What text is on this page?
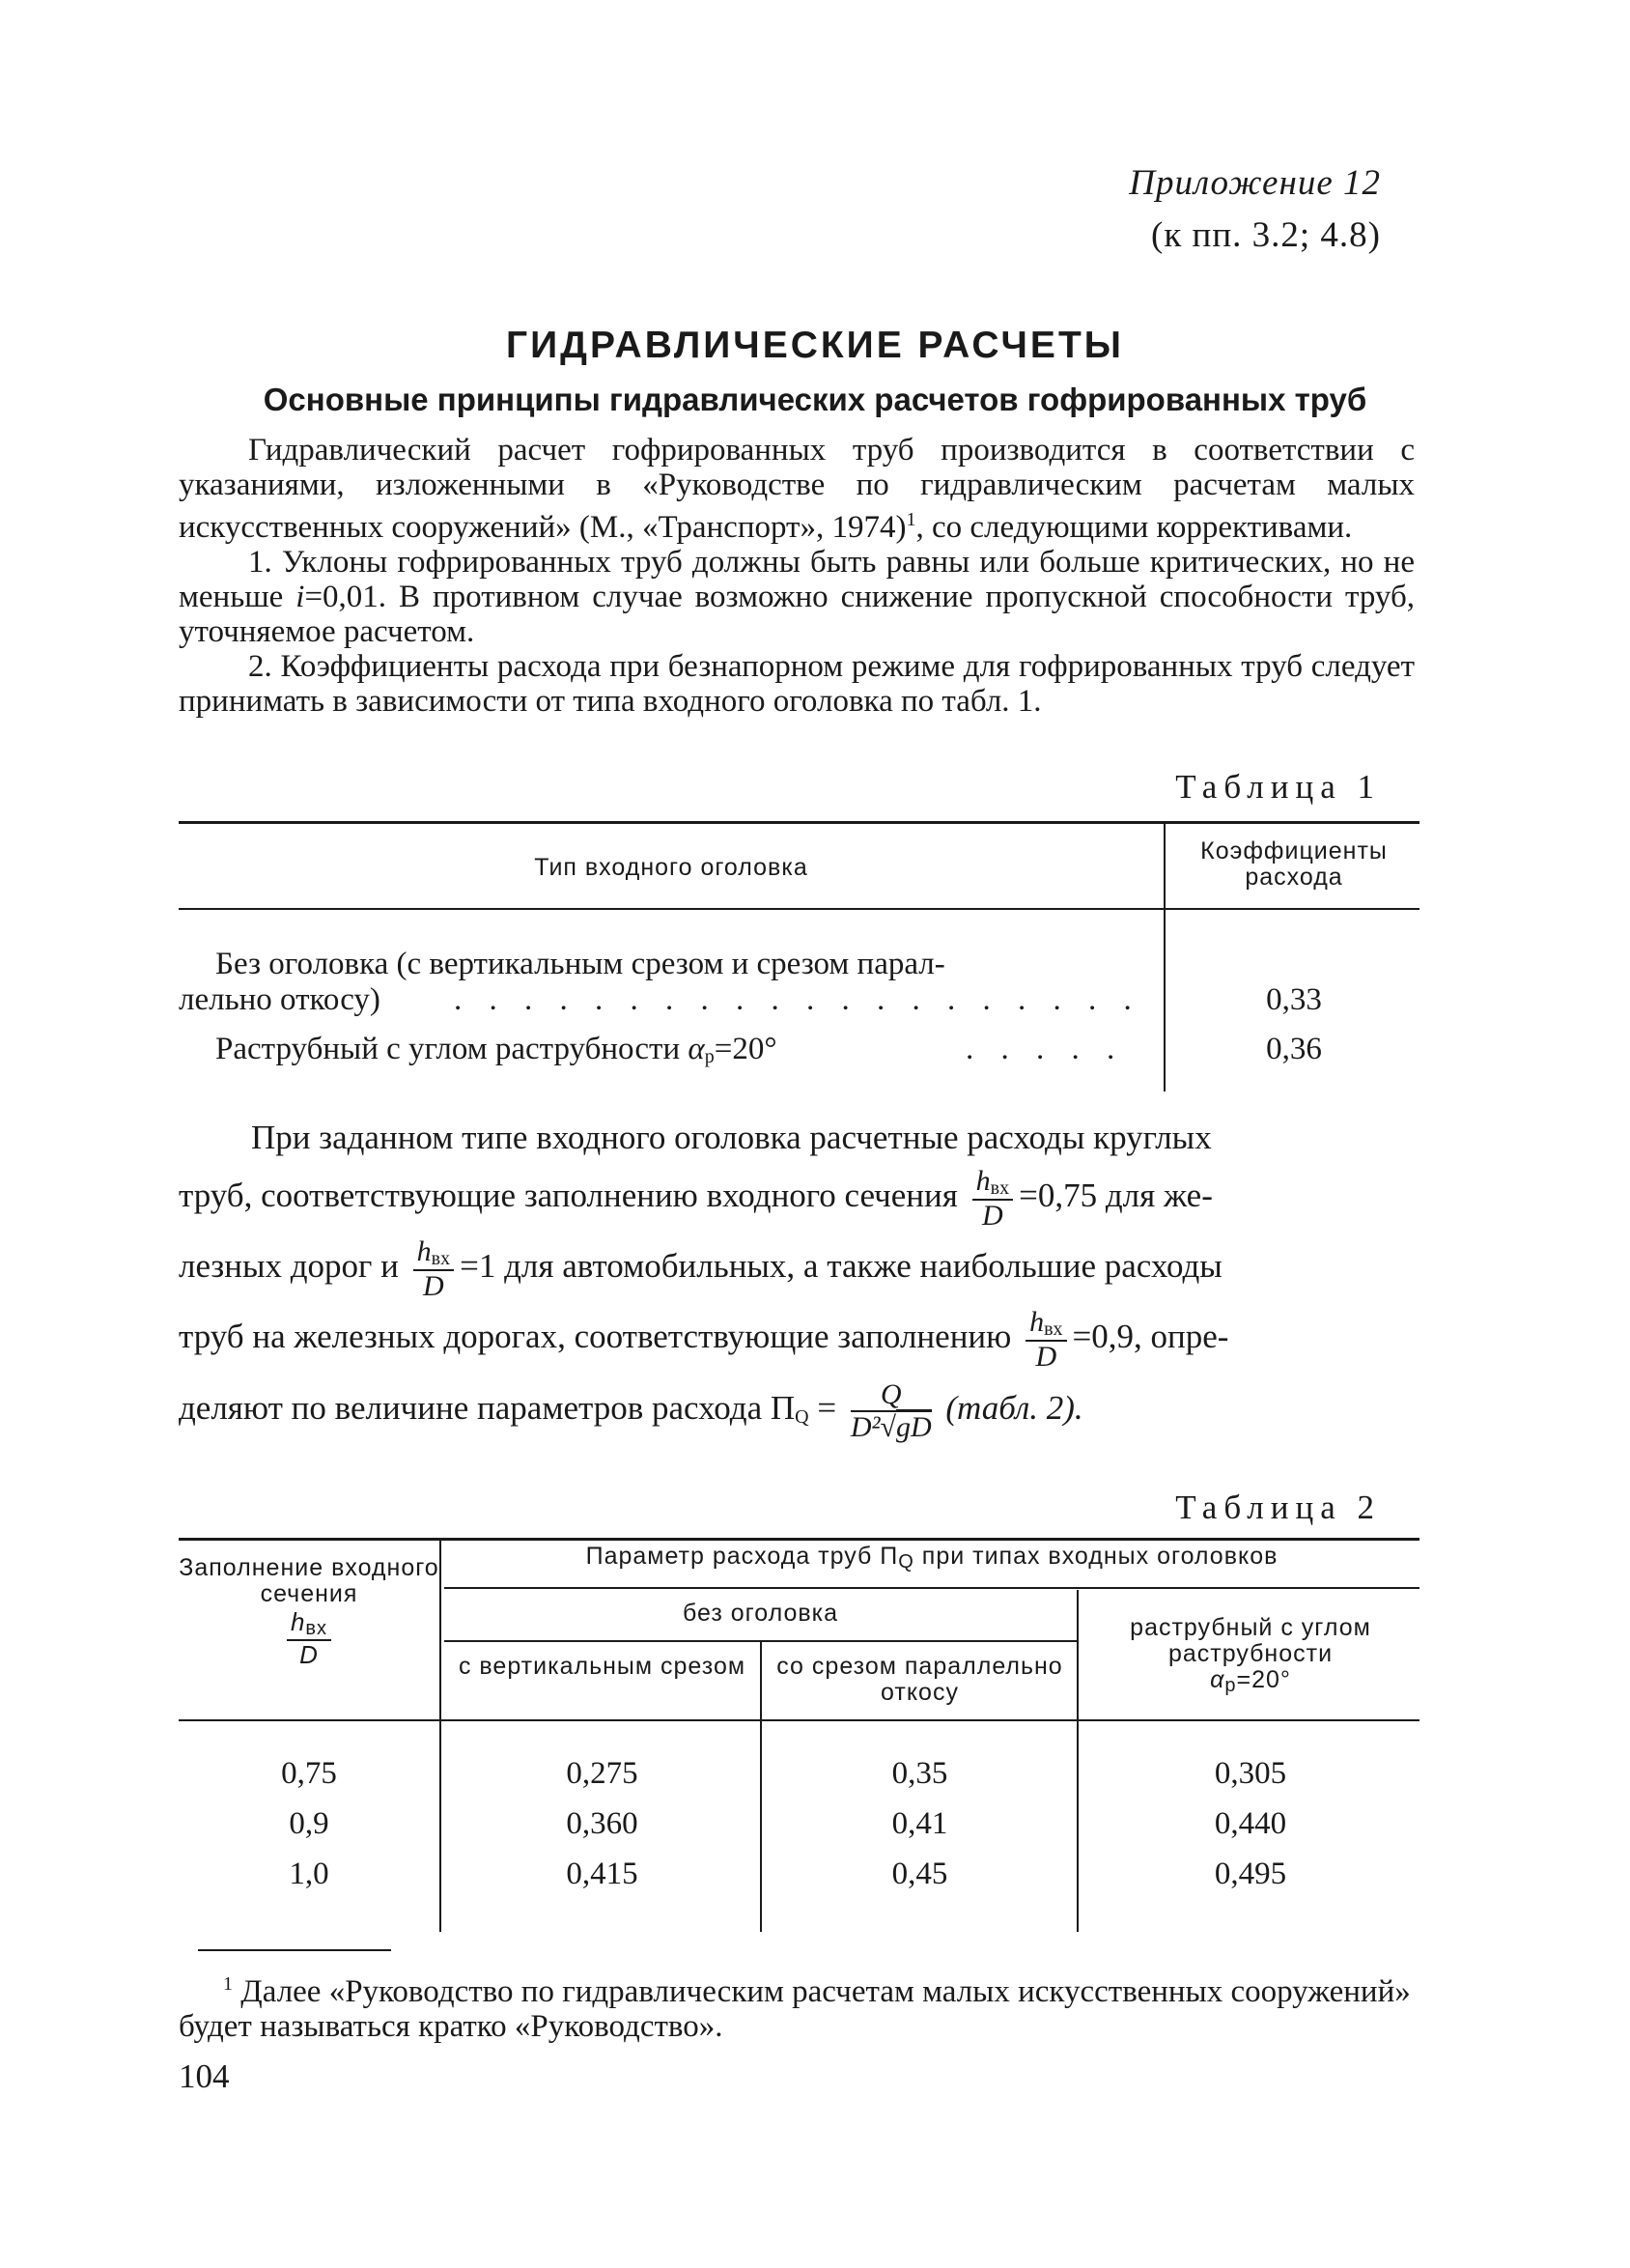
Приложение 12
(к пп. 3.2; 4.8)
ГИДРАВЛИЧЕСКИЕ РАСЧЕТЫ
Основные принципы гидравлических расчетов гофрированных труб

Гидравлический расчет гофрированных труб производится в соответствии с указаниями, изложенными в «Руководстве по гидравлическим расчетам малых искусственных сооружений» (М., «Транспорт», 1974)$^1$, со следующими коррективами.

1. Уклоны гофрированных труб должны быть равны или больше критических, но не меньше i=0,01. В противном случае возможно снижение пропускной способности труб, уточняемое расчетом.

2. Коэффициенты расхода при безнапорном режиме для гофрированных труб следует принимать в зависимости от типа входного оголовка по табл. 1.

Таблица 1
Тип входного оголовка
Коэффициенты расхода
Без оголовка (с вертикальным срезом и срезом парал-
лельно откосу) . . . . . . . . . . . . . . . . . . . .	0,33
Раструбный с углом раструбности $\alpha_р=20^\circ$	. . . . .	0,36
При заданном типе входного оголовка расчетные расходы круглых
труб, соответствующие заполнению входного сечения $\frac{h_{вх}}{D} =0,75$ для же-
лезных дорог и $\frac{h_{вх}}{D} =1$ для автомобильных, а также наибольшие расходы
труб на железных дорогах, соответствующие заполнению $\frac{h_{вх}}{D} =0,9$, опре-
деляют по величине параметров расхода $П_Q = \frac{Q}{\text{D²√gD}}$ (табл. 2).
Таблица 2
Заполнение входного сечения

$\frac{h_{вх}}{D}$
Параметр расхода труб $П_Q$ при типах входных оголовков
без оголовка
с вертикальным срезом	со срезом параллельно откосу
раструбный с углом раструбности
$\alpha_р=20^\circ$
0,75	0,275	0,35	0,305
0,9	0,360	0,41	0,440
1,0	0,415	0,45	0,495
$^1$ Далее «Руководство по гидравлическим расчетам малых искусственных сооружений» будет называться кратко «Руководство».
104
